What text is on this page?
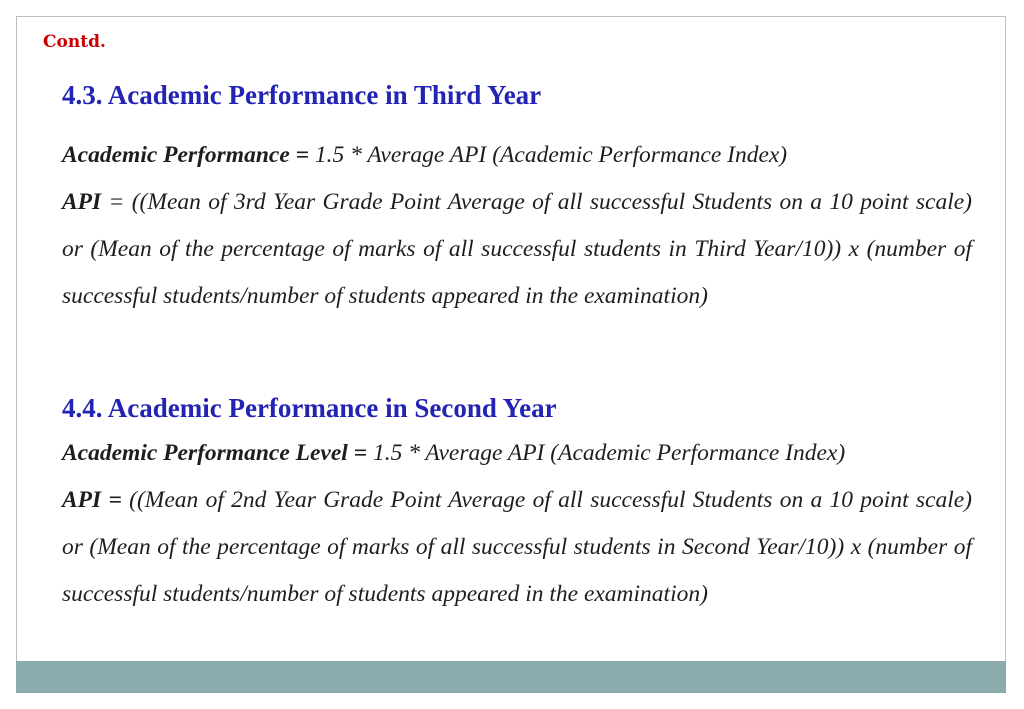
Contd.
4.3. Academic Performance in Third Year

Academic Performance = 1.5 * Average API (Academic Performance Index)

API = ((Mean of 3rd Year Grade Point Average of all successful Students on a 10 point scale) or (Mean of the percentage of marks of all successful students in Third Year/10)) x (number of successful students/number of students appeared in the examination)

4.4. Academic Performance in Second Year

Academic Performance Level = 1.5 * Average API (Academic Performance Index)

API = ((Mean of 2nd Year Grade Point Average of all successful Students on a 10 point scale) or (Mean of the percentage of marks of all successful students in Second Year/10)) x (number of successful students/number of students appeared in the examination)
